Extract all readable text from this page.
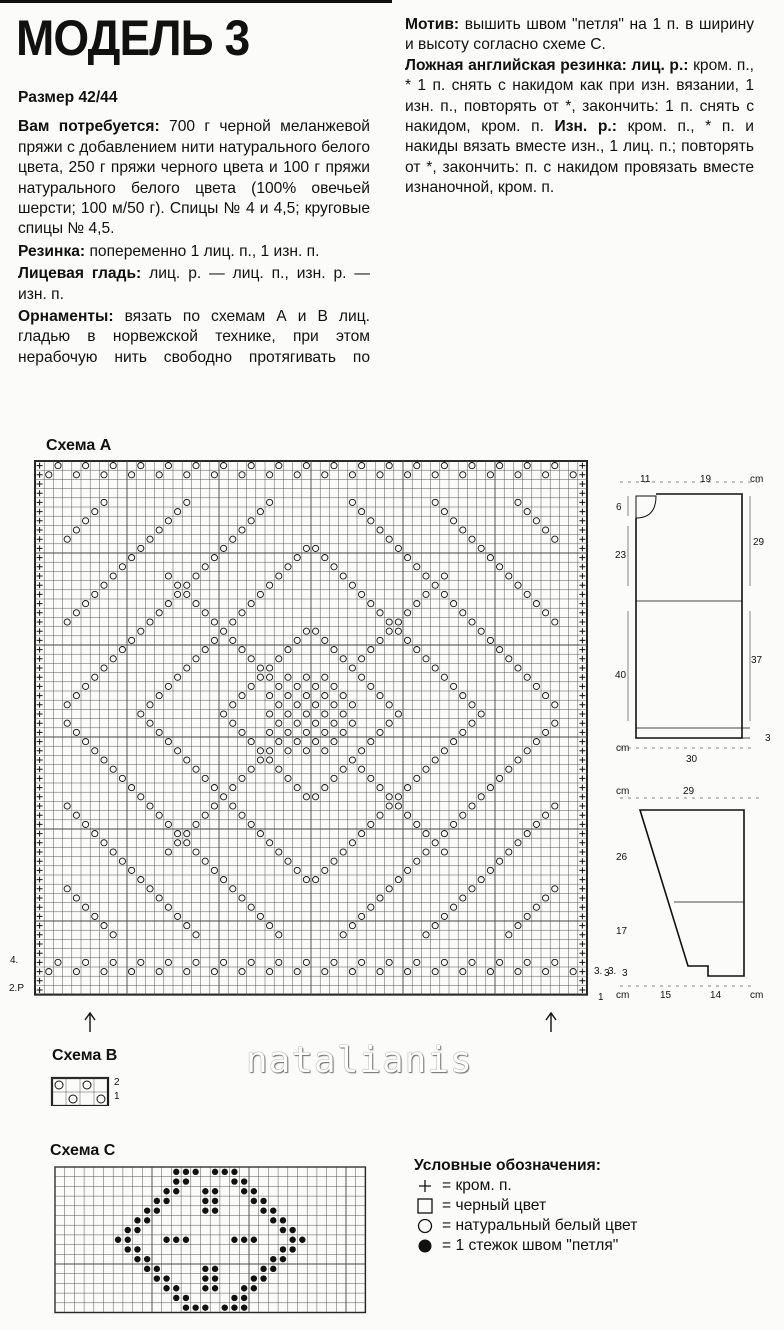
МОДЕЛЬ 3

Размер 42/44

Вам потребуется: 700 г черной меланжевой пряжи с добавлением нити натурального белого цвета, 250 г пряжи черного цвета и 100 г пряжи натурального белого цвета (100% овечьей шерсти; 100 м/50 г). Спицы № 4 и 4,5; круговые спицы № 4,5.

Резинка: попеременно 1 лиц. п., 1 изн. п.

Лицевая гладь: лиц. р. — лиц. п., изн. р. — изн. п.

Орнаменты: вязать по схемам А и В лиц. гладью в норвежской технике, при этом нерабочую нить свободно протягивать по

Мотив: вышить швом "петля" на 1 п. в ширину и высоту согласно схеме С.

Ложная английская резинка: лиц. р.: кром. п., * 1 п. снять с накидом как при изн. вязании, 1 изн. п., повторять от *, закончить: 1 п. снять с накидом, кром. п. Изн. р.: кром. п., * п. и накиды вязать вместе изн., 1 лиц. п.; повторять от *, закончить: п. с накидом провязать вместе изнаночной, кром. п.

Схема А
4.
2.Р
3. 3
1
11	19	cm
6
23
29
40
37
3
cm
30
cm	29
26
17
3. 3
cm	15	14	cm
natalianis
Схема В
2
1
Схема С
Условные обозначения:
= кром. п.
= черный цвет
= натуральный белый цвет
= 1 стежок швом "петля"
